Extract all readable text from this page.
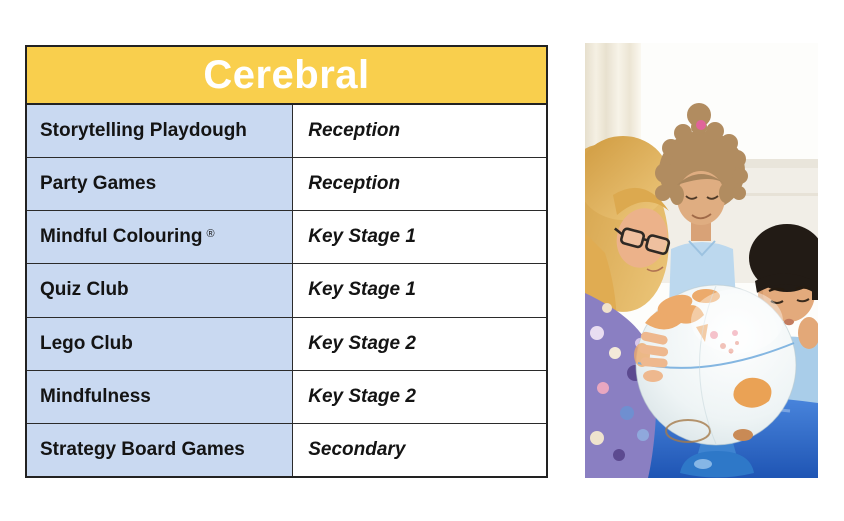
Cerebral
Storytelling Playdough	Reception
Party Games	Reception
Mindful Colouring ®	Key Stage 1
Quiz Club	Key Stage 1
Lego Club	Key Stage 2
Mindfulness	Key Stage 2
Strategy Board Games	Secondary
